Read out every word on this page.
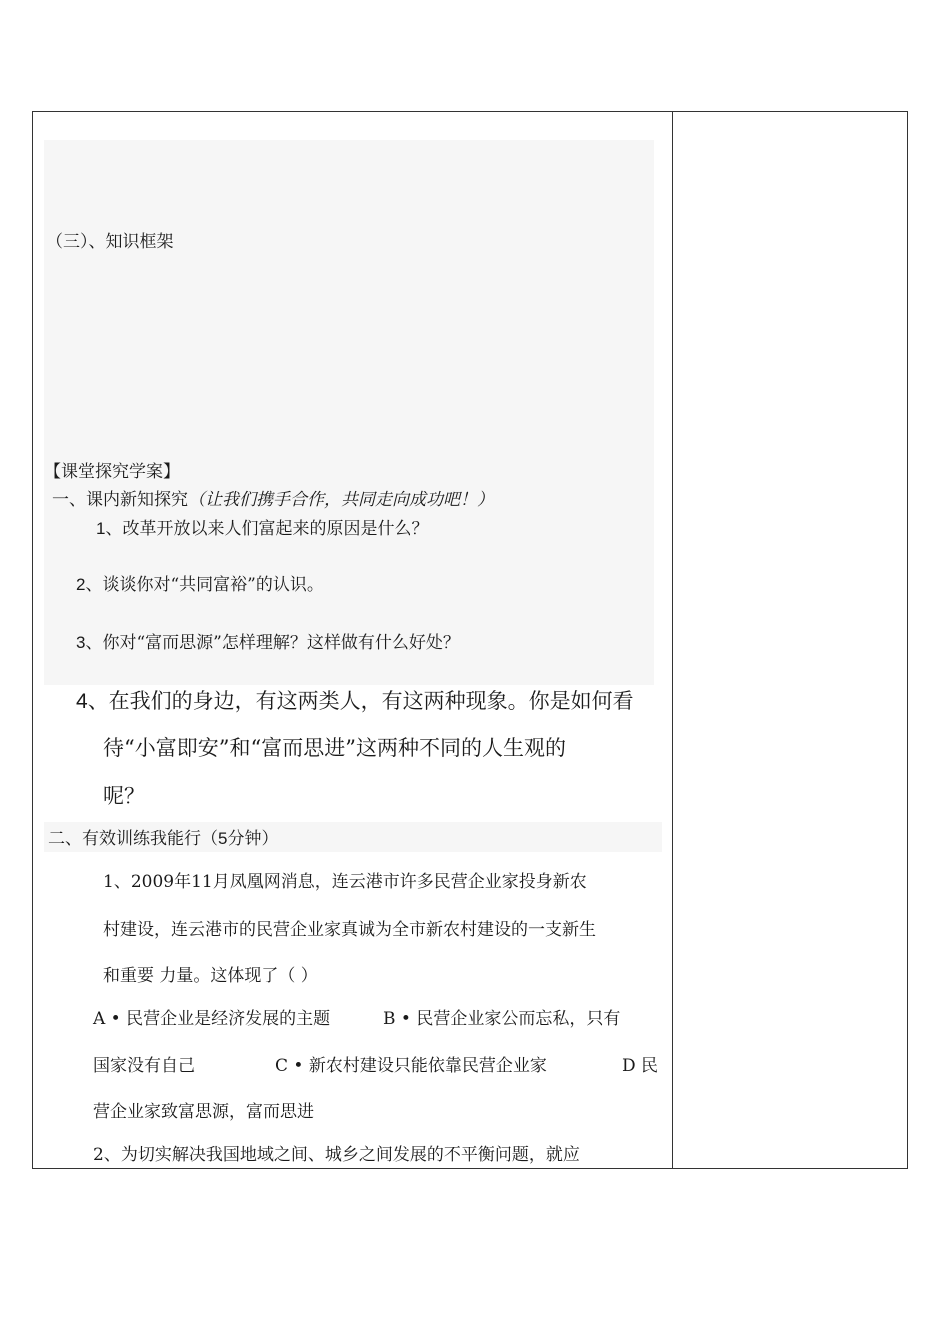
（三）、知识框架
【课堂探究学案】
一、课内新知探究（让我们携手合作，共同走向成功吧！）
1、改革开放以来人们富起来的原因是什么？
2、谈谈你对“共同富裕”的认识。
3、你对“富而思源”怎样理解？这样做有什么好处？
4、在我们的身边，有这两类人，有这两种现象。你是如何看
待“小富即安”和“富而思进”这两种不同的人生观的
呢？
二、有效训练我能行（5分钟）
1、2009年11月凤凰网消息，连云港市许多民营企业家投身新农
村建设，连云港市的民营企业家真诚为全市新农村建设的一支新生
和重要 力量。这体现了（ ）
A • 民营企业是经济发展的主题	B • 民营企业家公而忘私，只有
国家没有自己	C • 新农村建设只能依靠民营企业家	D 民
营企业家致富思源，富而思进
2、为切实解决我国地域之间、城乡之间发展的不平衡问题，就应
